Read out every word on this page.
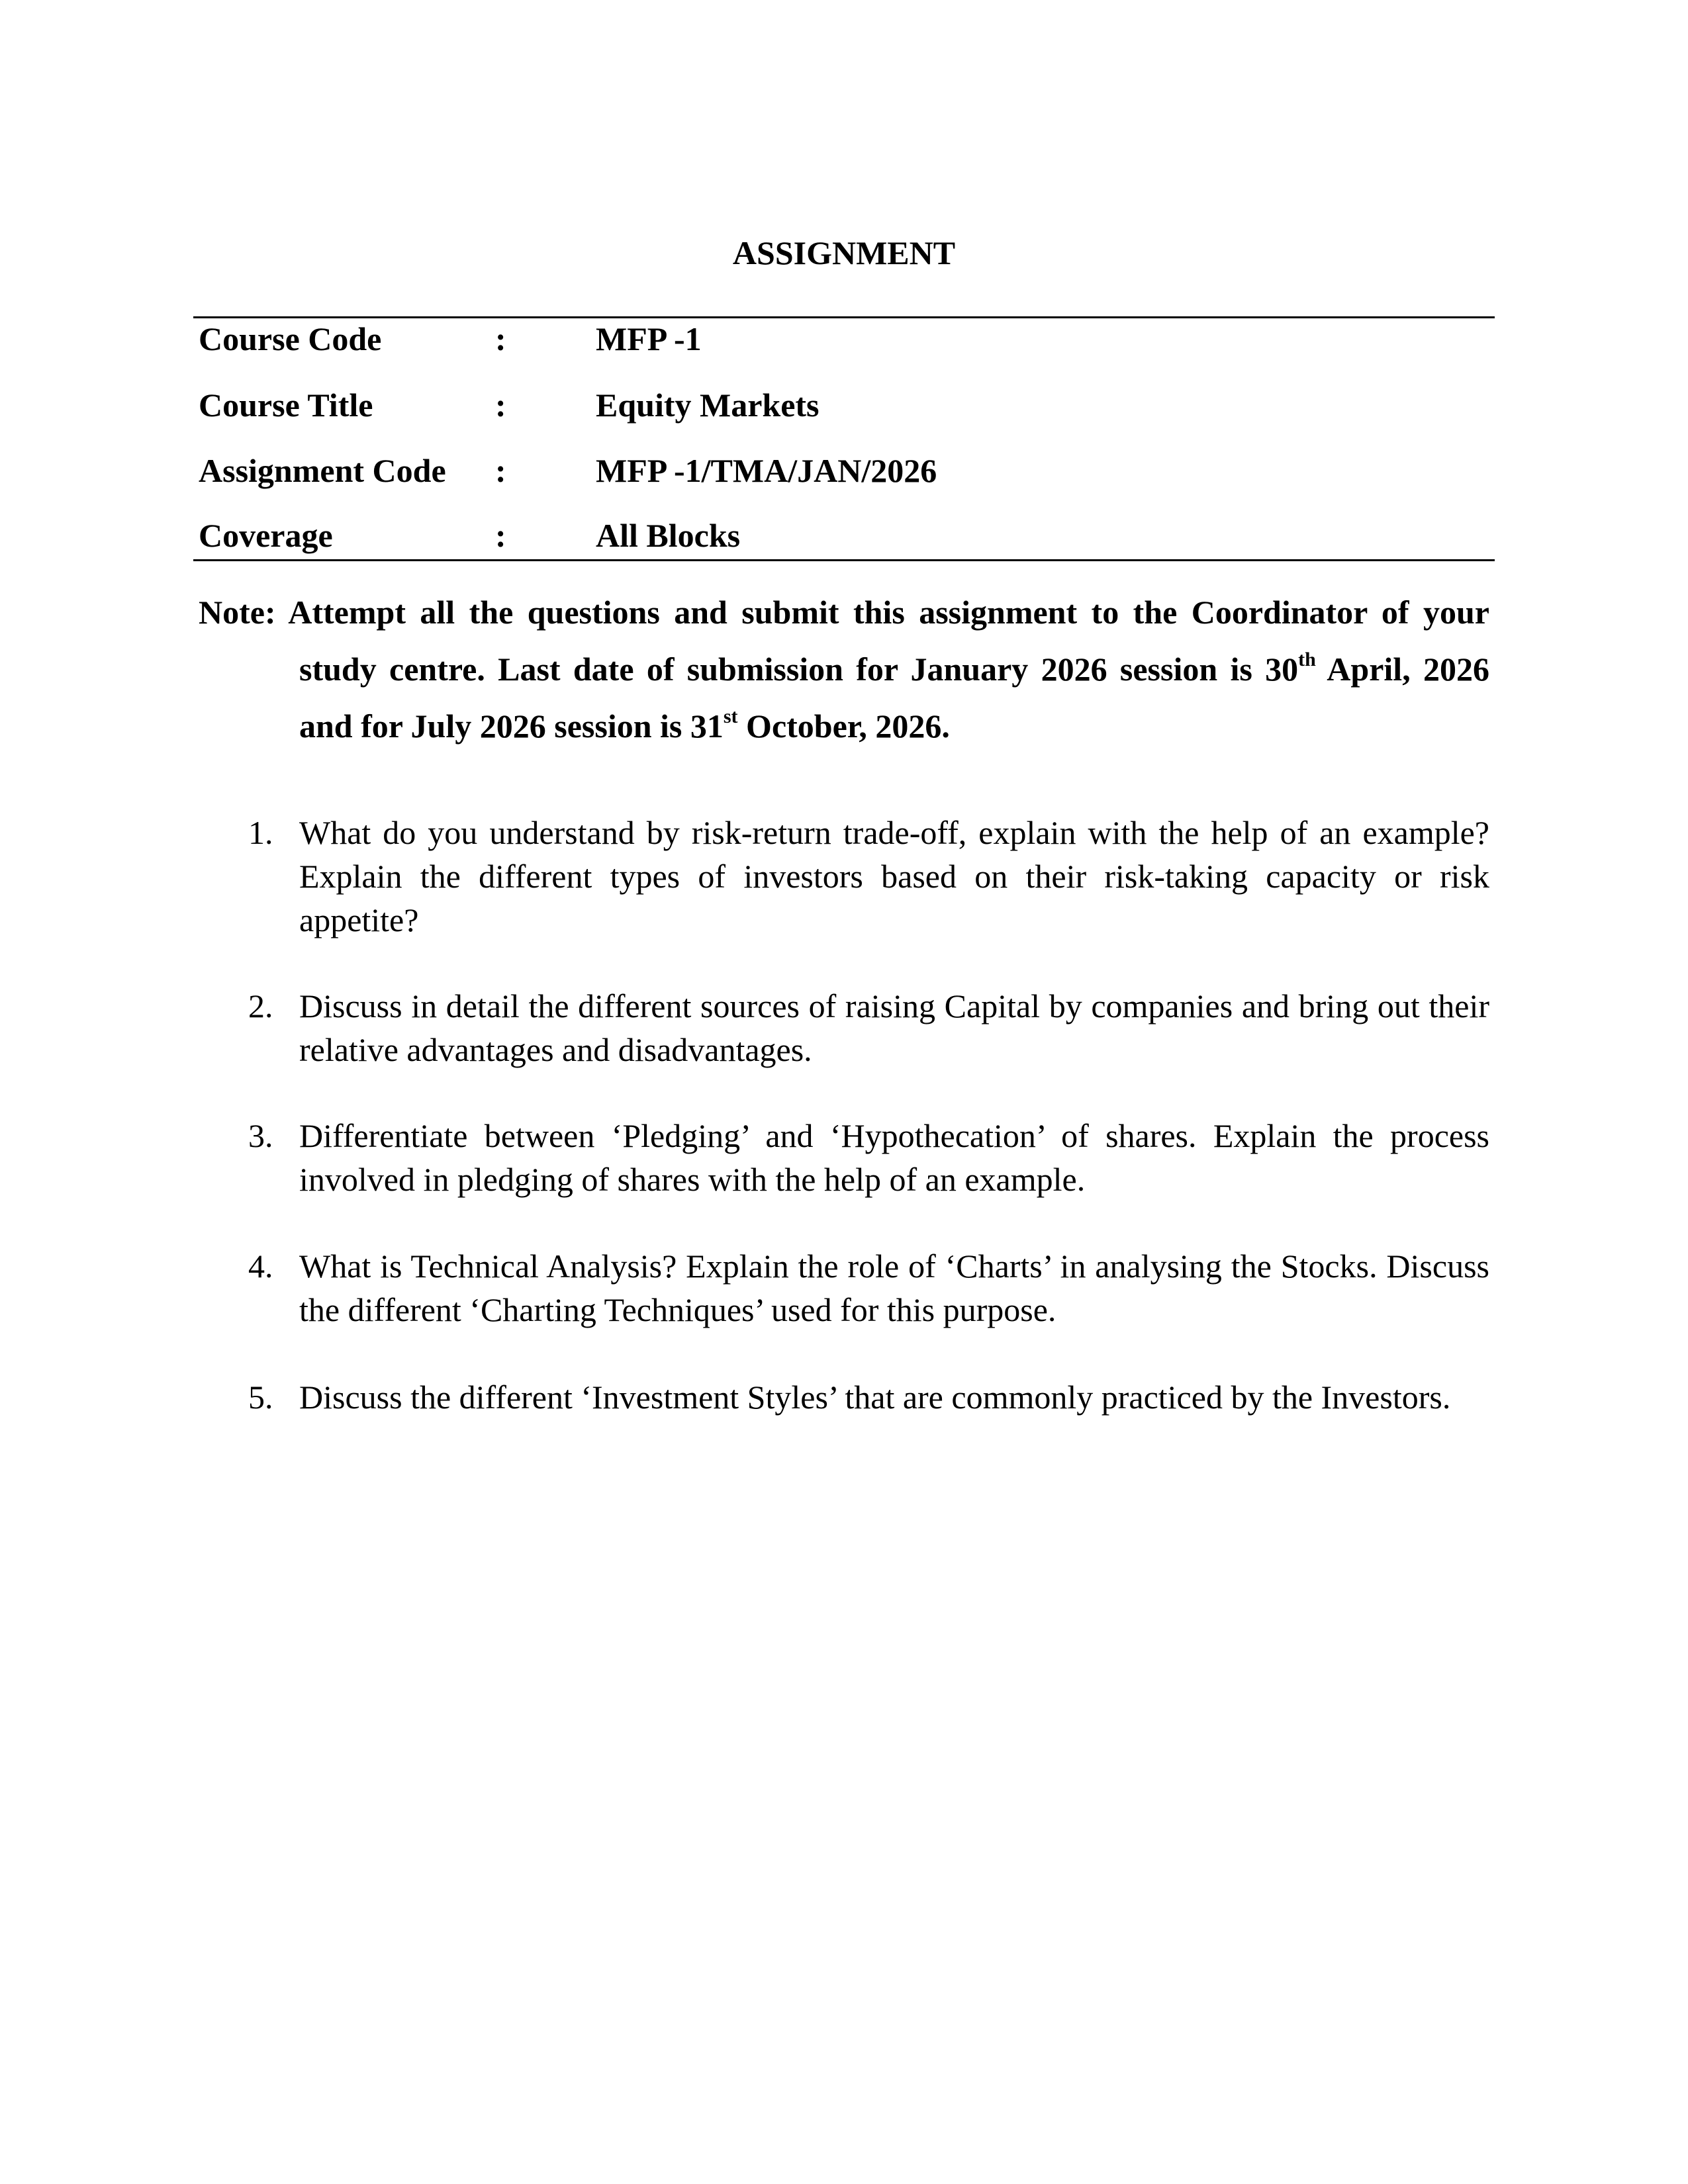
ASSIGNMENT
Course Code	:	MFP -1
Course Title	:	Equity Markets
Assignment Code :	MFP -1/TMA/JAN/2026
Coverage	:	All Blocks
Note: Attempt all the questions and submit this assignment to the Coordinator of your
study centre. Last date of submission for January 2026 session is 30th April, 2026
and for July 2026 session is 31st October, 2026.
1. What do you understand by risk-return trade-off, explain with the help of an example?
Explain the different types of investors based on their risk-taking capacity or risk
appetite?
2. Discuss in detail the different sources of raising Capital by companies and bring out their
relative advantages and disadvantages.
3. Differentiate between ‘Pledging’ and ‘Hypothecation’ of shares. Explain the process
involved in pledging of shares with the help of an example.
4. What is Technical Analysis? Explain the role of ‘Charts’ in analysing the Stocks. Discuss
the different ‘Charting Techniques’ used for this purpose.
5. Discuss the different ‘Investment Styles’ that are commonly practiced by the Investors.
